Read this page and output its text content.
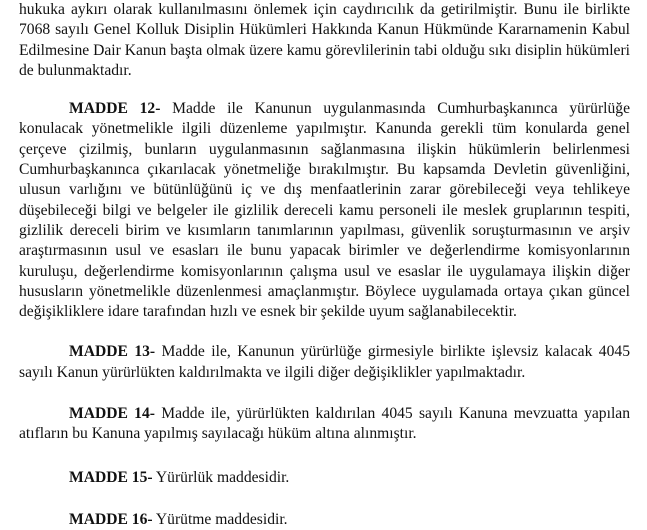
hukuka aykırı olarak kullanılmasını önlemek için caydırıcılık da getirilmiştir. Bunu ile birlikte 7068 sayılı Genel Kolluk Disiplin Hükümleri Hakkında Kanun Hükmünde Kararnamenin Kabul Edilmesine Dair Kanun başta olmak üzere kamu görevlilerinin tabi olduğu sıkı disiplin hükümleri de bulunmaktadır.

MADDE 12- Madde ile Kanunun uygulanmasında Cumhurbaşkanınca yürürlüğe konulacak yönetmelikle ilgili düzenleme yapılmıştır. Kanunda gerekli tüm konularda genel çerçeve çizilmiş, bunların uygulanmasının sağlanmasına ilişkin hükümlerin belirlenmesi Cumhurbaşkanınca çıkarılacak yönetmeliğe bırakılmıştır. Bu kapsamda Devletin güvenliğini, ulusun varlığını ve bütünlüğünü iç ve dış menfaatlerinin zarar görebileceği veya tehlikeye düşebileceği bilgi ve belgeler ile gizlilik dereceli kamu personeli ile meslek gruplarının tespiti, gizlilik dereceli birim ve kısımların tanımlarının yapılması, güvenlik soruşturmasının ve arşiv araştırmasının usul ve esasları ile bunu yapacak birimler ve değerlendirme komisyonlarının kuruluşu, değerlendirme komisyonlarının çalışma usul ve esaslar ile uygulamaya ilişkin diğer hususların yönetmelikle düzenlenmesi amaçlanmıştır. Böylece uygulamada ortaya çıkan güncel değişikliklere idare tarafından hızlı ve esnek bir şekilde uyum sağlanabilecektir.

MADDE 13- Madde ile, Kanunun yürürlüğe girmesiyle birlikte işlevsiz kalacak 4045 sayılı Kanun yürürlükten kaldırılmakta ve ilgili diğer değişiklikler yapılmaktadır.

MADDE 14- Madde ile, yürürlükten kaldırılan 4045 sayılı Kanuna mevzuatta yapılan atıfların bu Kanuna yapılmış sayılacağı hüküm altına alınmıştır.

MADDE 15- Yürürlük maddesidir.

MADDE 16- Yürütme maddesidir.
